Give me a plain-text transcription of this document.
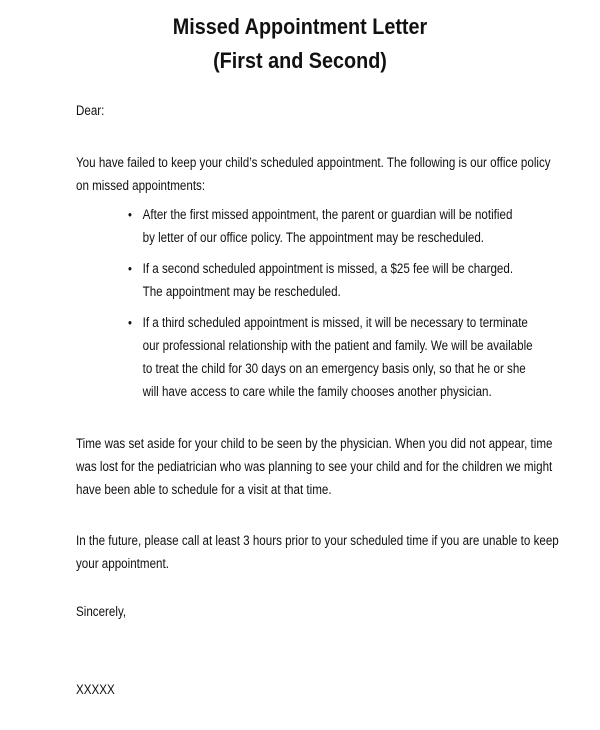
Missed Appointment Letter
(First and Second)
Dear:
You have failed to keep your child’s scheduled appointment. The following is our office policy
on missed appointments:
• After the first missed appointment, the parent or guardian will be notified
by letter of our office policy. The appointment may be rescheduled.
• If a second scheduled appointment is missed, a $25 fee will be charged.
The appointment may be rescheduled.
• If a third scheduled appointment is missed, it will be necessary to terminate
our professional relationship with the patient and family. We will be available
to treat the child for 30 days on an emergency basis only, so that he or she
will have access to care while the family chooses another physician.
Time was set aside for your child to be seen by the physician. When you did not appear, time
was lost for the pediatrician who was planning to see your child and for the children we might
have been able to schedule for a visit at that time.
In the future, please call at least 3 hours prior to your scheduled time if you are unable to keep
your appointment.
Sincerely,
XXXXX
